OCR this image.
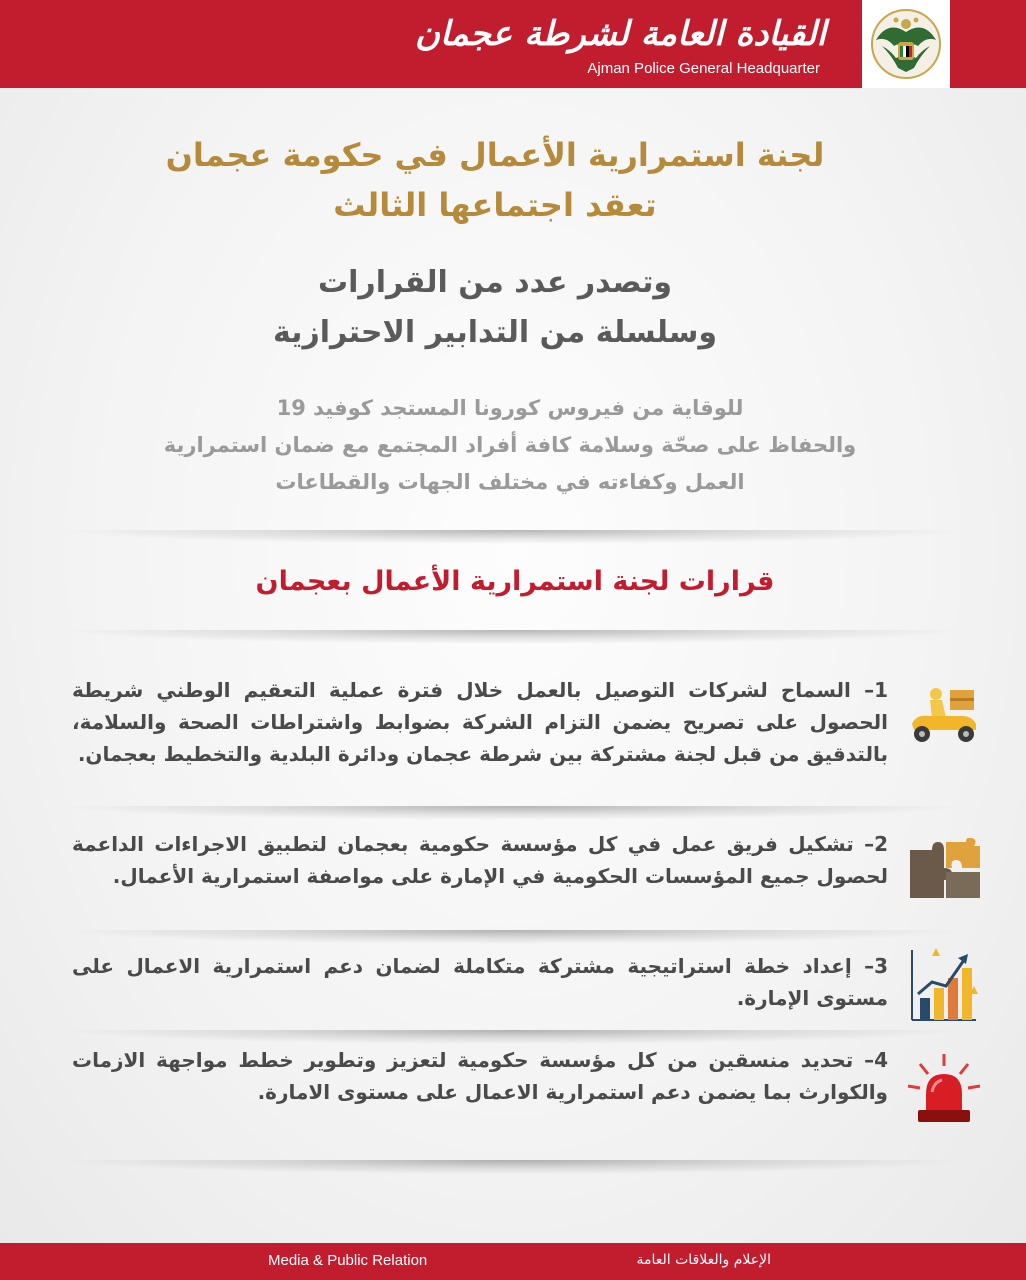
القيادة العامة لشرطة عجمان
Ajman Police General Headquarter
لجنة استمرارية الأعمال في حكومة عجمان
تعقد اجتماعها الثالث
وتصدر عدد من القرارات
وسلسلة من التدابير الاحترازية
للوقاية من فيروس كورونا المستجد كوفيد 19
والحفاظ على صحّة وسلامة كافة أفراد المجتمع مع ضمان استمرارية
العمل وكفاءته في مختلف الجهات والقطاعات
قرارات لجنة استمرارية الأعمال بعجمان
1– السماح لشركات التوصيل بالعمل خلال فترة عملية التعقيم الوطني شريطة الحصول على تصريح يضمن التزام الشركة بضوابط واشتراطات الصحة والسلامة، بالتدقيق من قبل لجنة مشتركة بين شرطة عجمان ودائرة البلدية والتخطيط بعجمان.
2– تشكيل فريق عمل في كل مؤسسة حكومية بعجمان لتطبيق الاجراءات الداعمة لحصول جميع المؤسسات الحكومية في الإمارة على مواصفة استمرارية الأعمال.
3– إعداد خطة استراتيجية مشتركة متكاملة لضمان دعم استمرارية الاعمال على مستوى الإمارة.
4– تحديد منسقين من كل مؤسسة حكومية لتعزيز وتطوير خطط مواجهة الازمات والكوارث بما يضمن دعم استمرارية الاعمال على مستوى الامارة.
Media & Public Relation	الإعلام والعلاقات العامة
